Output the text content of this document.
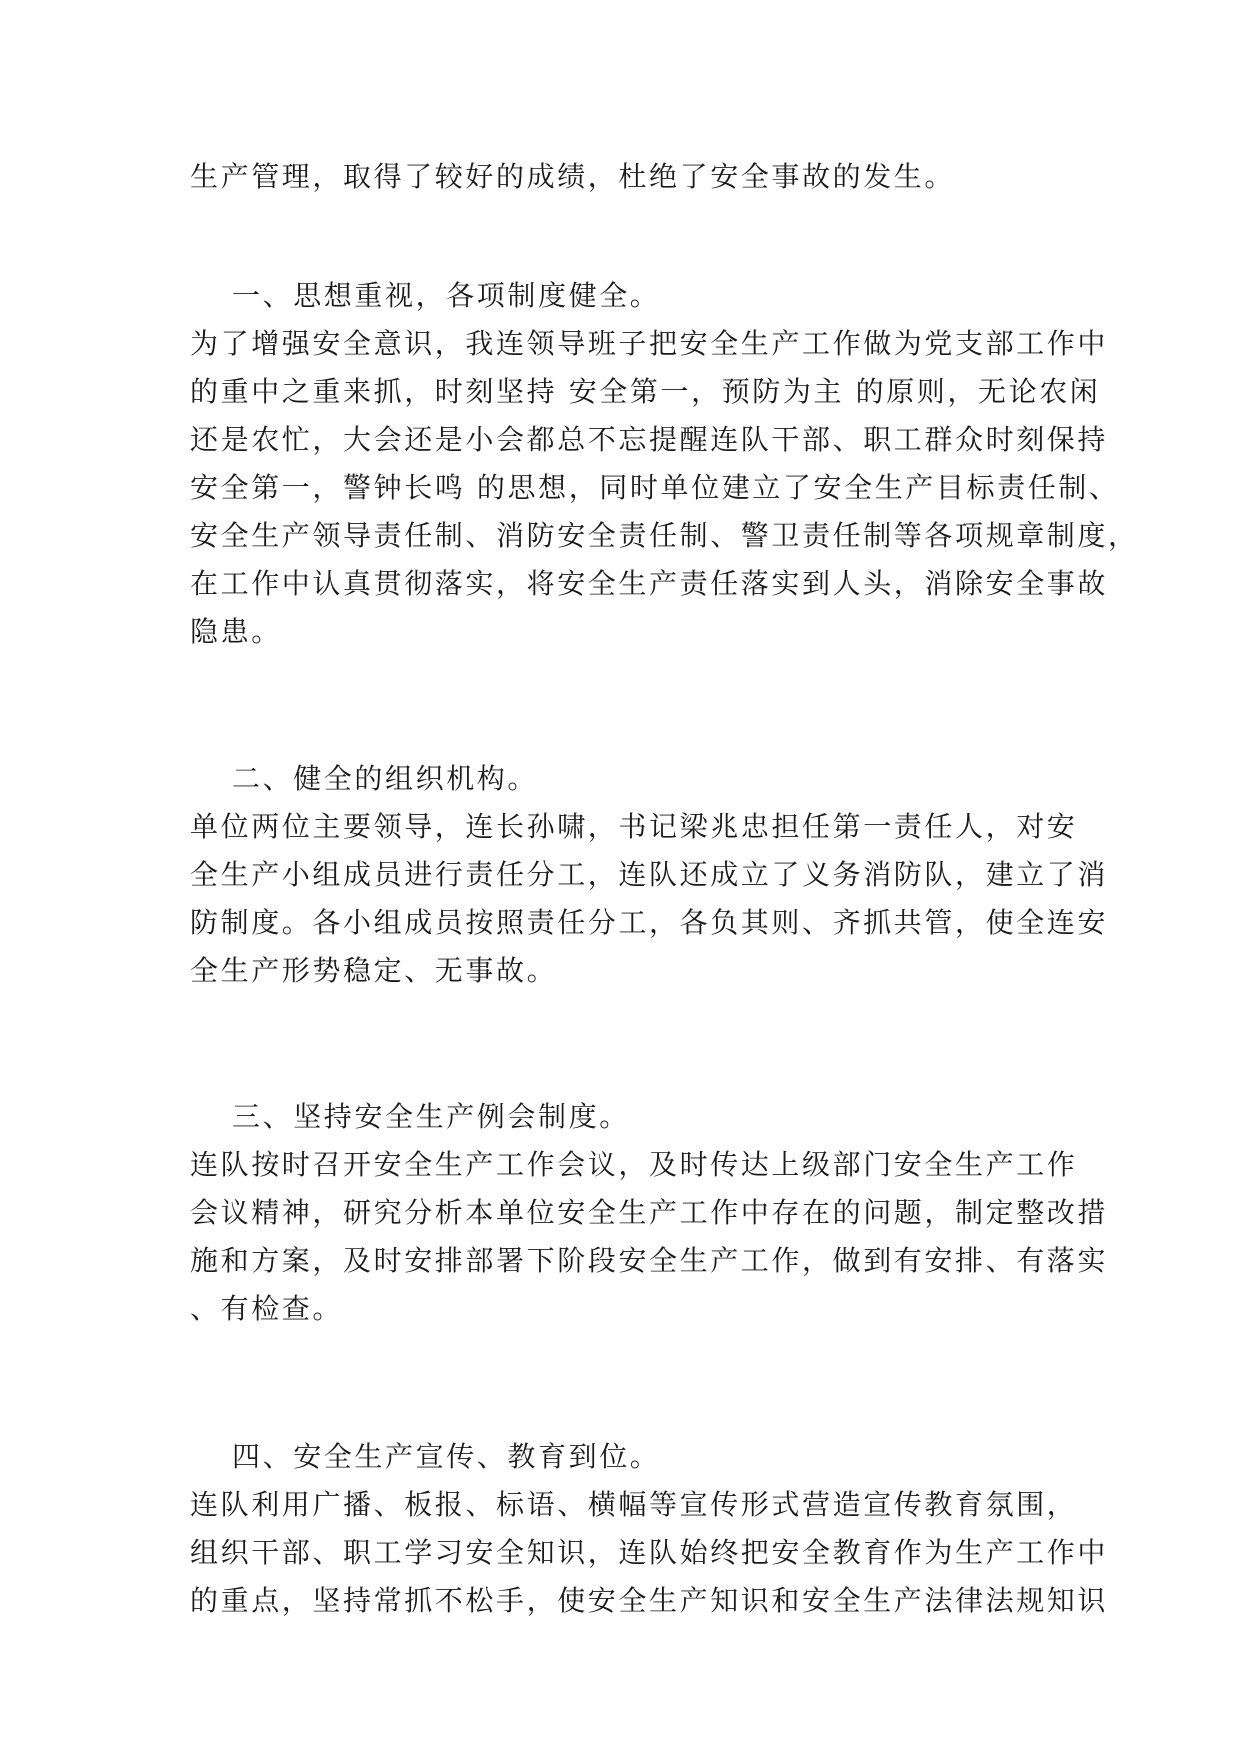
生产管理，取得了较好的成绩，杜绝了安全事故的发生。
一、思想重视，各项制度健全。
为了增强安全意识，我连领导班子把安全生产工作做为党支部工作中
的重中之重来抓，时刻坚持 安全第一，预防为主 的原则，无论农闲
还是农忙，大会还是小会都总不忘提醒连队干部、职工群众时刻保持
安全第一，警钟长鸣 的思想，同时单位建立了安全生产目标责任制、
安全生产领导责任制、消防安全责任制、警卫责任制等各项规章制度，
在工作中认真贯彻落实，将安全生产责任落实到人头，消除安全事故
隐患。
二、健全的组织机构。
单位两位主要领导，连长孙啸，书记梁兆忠担任第一责任人，对安
全生产小组成员进行责任分工，连队还成立了义务消防队，建立了消
防制度。各小组成员按照责任分工，各负其则、齐抓共管，使全连安
全生产形势稳定、无事故。
三、坚持安全生产例会制度。
连队按时召开安全生产工作会议，及时传达上级部门安全生产工作
会议精神，研究分析本单位安全生产工作中存在的问题，制定整改措
施和方案，及时安排部署下阶段安全生产工作，做到有安排、有落实
、有检查。
四、安全生产宣传、教育到位。
连队利用广播、板报、标语、横幅等宣传形式营造宣传教育氛围，
组织干部、职工学习安全知识，连队始终把安全教育作为生产工作中
的重点，坚持常抓不松手，使安全生产知识和安全生产法律法规知识
